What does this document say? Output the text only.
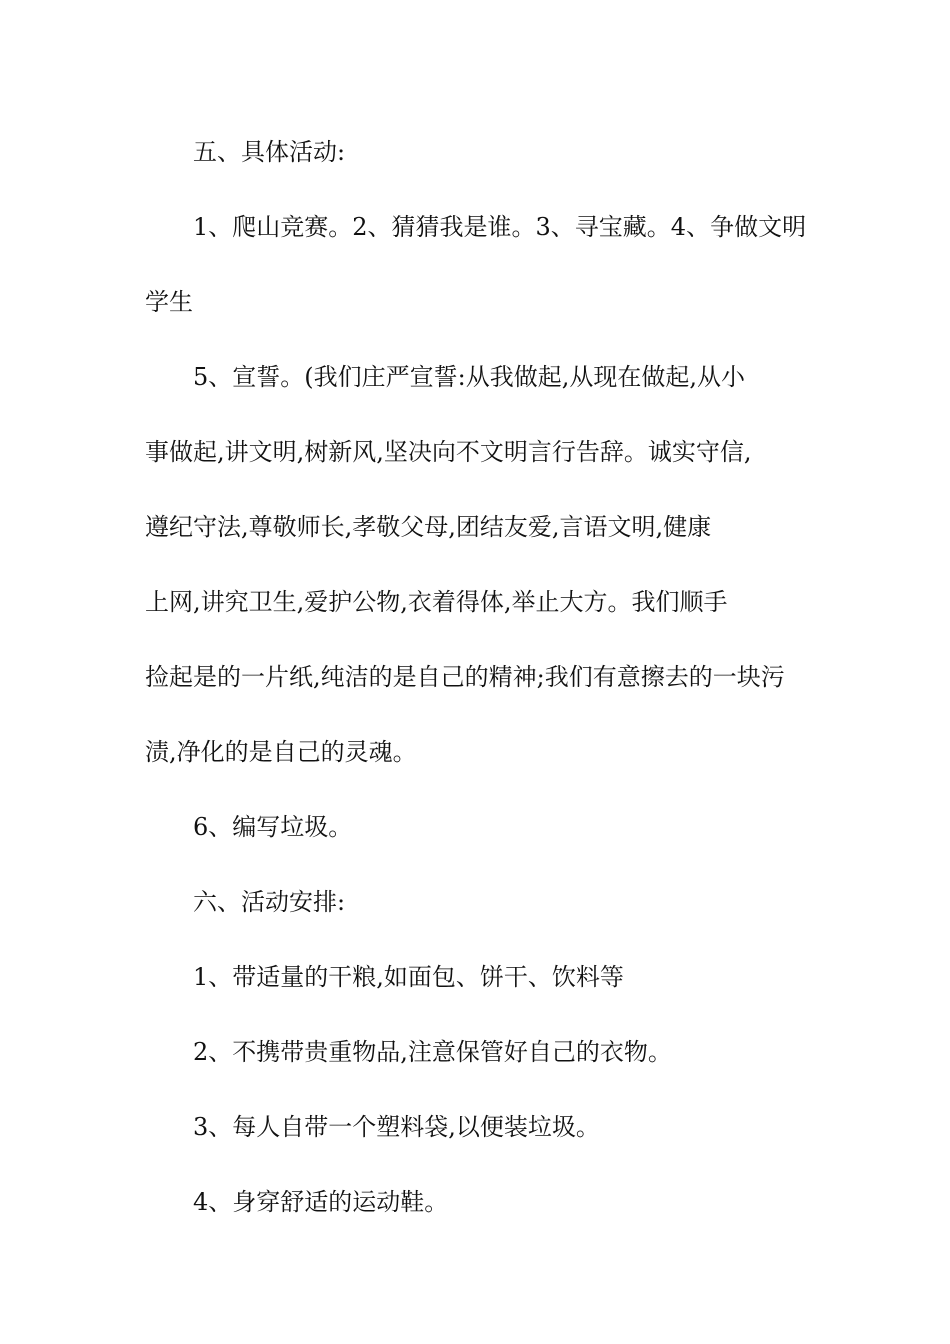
五、具体活动:
1、爬山竞赛。2、猜猜我是谁。3、寻宝藏。4、争做文明
学生
5、宣誓。(我们庄严宣誓:从我做起,从现在做起,从小
事做起,讲文明,树新风,坚决向不文明言行告辞。诚实守信,
遵纪守法,尊敬师长,孝敬父母,团结友爱,言语文明,健康
上网,讲究卫生,爱护公物,衣着得体,举止大方。我们顺手
捡起是的一片纸,纯洁的是自己的精神;我们有意擦去的一块污
渍,净化的是自己的灵魂。
6、编写垃圾。
六、活动安排:
1、带适量的干粮,如面包、饼干、饮料等
2、不携带贵重物品,注意保管好自己的衣物。
3、每人自带一个塑料袋,以便装垃圾。
4、身穿舒适的运动鞋。
